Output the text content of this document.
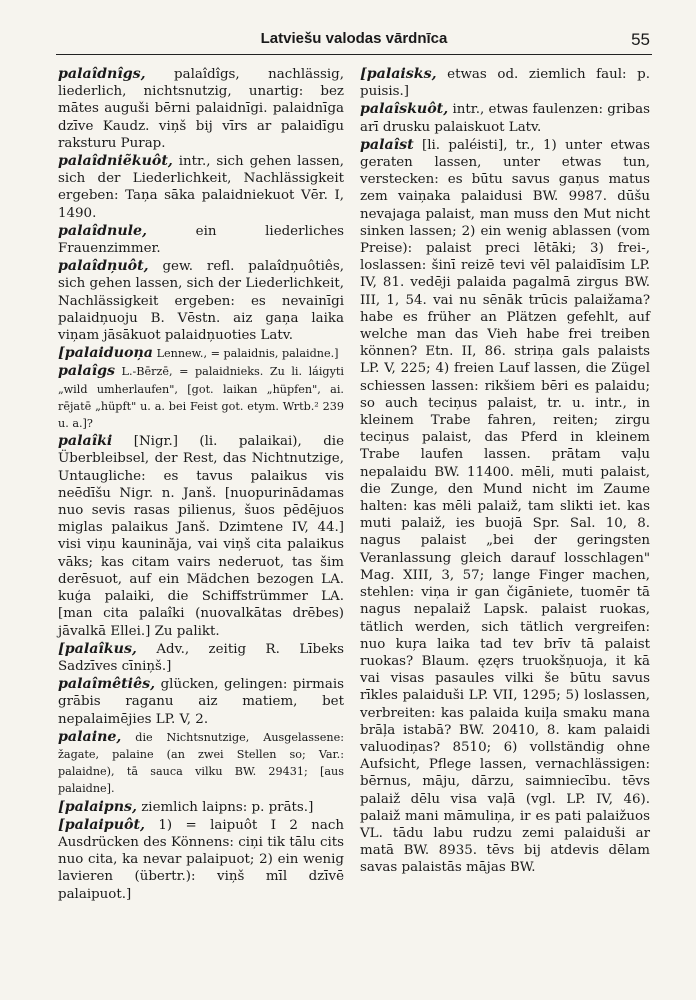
Latviešu valodas vārdnīca	55

palaîdnîgs, palaîdîgs, nachlässig, liederlich, nichtsnutzig, unartig: bez mātes auguši bērni palaidnīgi. palaidnīga dzīve Kaudz. viņš bij vīrs ar palaidīgu raksturu Purap.

palaîdniẽkuôt, intr., sich gehen lassen, sich der Liederlichkeit, Nachlässigkeit ergeben: Taņa sāka palaidniekuot Vēr. I, 1490.

palaîdnule, ein liederliches Frauenzimmer.

palaîdņuôt, gew. refl. palaîdņuôtiês, sich gehen lassen, sich der Liederlichkeit, Nachlässigkeit ergeben: es nevainīgi palaidņuoju B. Vēstn. aiz gaņa laika viņam jāsākuot palaidņuoties Latv.

[palaiduoņa Lennew., = palaidnis, palaidne.]

palaîgs L.-Bērzē, = palaidnieks. Zu li. láigyti „wild umherlaufen", [got. laikan „hüpfen", ai. rējatē „hüpft" u. a. bei Feist got. etym. Wrtb.² 239 u. a.]?

palaîki [Nigr.] (li. palaikai), die Überbleibsel, der Rest, das Nichtnutzige, Untaugliche: es tavus palaikus vis neēdīšu Nigr. n. Janš. [nuopurinādamas nuo sevis rasas pilienus, šuos pēdējuos miglas palaikus Janš. Dzimtene IV, 44.] visi viņu kauninăja, vai viņš cita palaikus vāks; kas citam vairs nederuot, tas šim derēsuot, auf ein Mädchen bezogen LA. kuģa palaiki, die Schiffstrümmer LA. [man cita palaîki (nuovalkātas drēbes) jāvalkā Ellei.] Zu palikt.

[palaîkus, Adv., zeitig R. Lībeks Sadzīves cīniņš.]

palaîmêtiês, glücken, gelingen: pirmais grābis raganu aiz matiem, bet nepalaimējies LP. V, 2.

palaine, die Nichtsnutzige, Ausgelassene: žagate, palaine (an zwei Stellen so; Var.: palaidne), tā sauca vilku BW. 29431; [aus palaidne].

[palaipns, ziemlich laipns: p. prāts.]

[palaipuôt, 1) = laipuôt I 2 nach Ausdrücken des Könnens: ciņi tik tālu cits nuo cita, ka nevar palaipuot; 2) ein wenig lavieren (übertr.): viņš mīl dzīvē palaipuot.]

[palaisks, etwas od. ziemlich faul: p. puisis.]

palaîskuôt, intr., etwas faulenzen: gribas arī drusku palaiskuot Latv.

palaîst [li. paléisti], tr., 1) unter etwas geraten lassen, unter etwas tun, verstecken: es būtu savus gaņus matus zem vaiņaka palaidusi BW. 9987. dūšu nevajaga palaist, man muss den Mut nicht sinken lassen; 2) ein wenig ablassen (vom Preise): palaist preci lētāki; 3) frei-, loslassen: šinī reizē tevi vēl palaidīsim LP. IV, 81. vedēji palaida pagalmā zirgus BW. III, 1, 54. vai nu sēnāk trūcis palaižama? habe es früher an Plätzen gefehlt, auf welche man das Vieh habe frei treiben können? Etn. II, 86. striņa gals palaists LP. V, 225; 4) freien Lauf lassen, die Zügel schiessen lassen: rikšiem bēri es palaidu; so auch teciņus palaist, tr. u. intr., in kleinem Trabe fahren, reiten; zirgu teciņus palaist, das Pferd in kleinem Trabe laufen lassen. prātam vaļu nepalaidu BW. 11400. mēli, muti palaist, die Zunge, den Mund nicht im Zaume halten: kas mēli palaiž, tam slikti iet. kas muti palaiž, ies buojā Spr. Sal. 10, 8. nagus palaist „bei der geringsten Veranlassung gleich darauf losschlagen" Mag. XIII, 3, 57; lange Finger machen, stehlen: viņa ir gan čigāniete, tuomēr tā nagus nepalaiž Lapsk. palaist ruokas, tätlich werden, sich tätlich vergreifen: nuo kuŗa laika tad tev brīv tā palaist ruokas? Blaum. ęzęrs truokšņuoja, it kā vai visas pasaules vilki še būtu savus rīkles palaiduši LP. VII, 1295; 5) loslassen, verbreiten: kas palaida kuiļa smaku mana brāļa istabā? BW. 20410, 8. kam palaidi valuodiņas? 8510; 6) vollständig ohne Aufsicht, Pflege lassen, vernachlässigen: bērnus, māju, dārzu, saimniecību. tēvs palaiž dēlu visa vaļā (vgl. LP. IV, 46). palaiž mani māmuliņa, ir es pati palaižuos VL. tādu labu rudzu zemi palaiduši ar matā BW. 8935. tēvs bij atdevis dēlam savas palaistās mājas BW.
